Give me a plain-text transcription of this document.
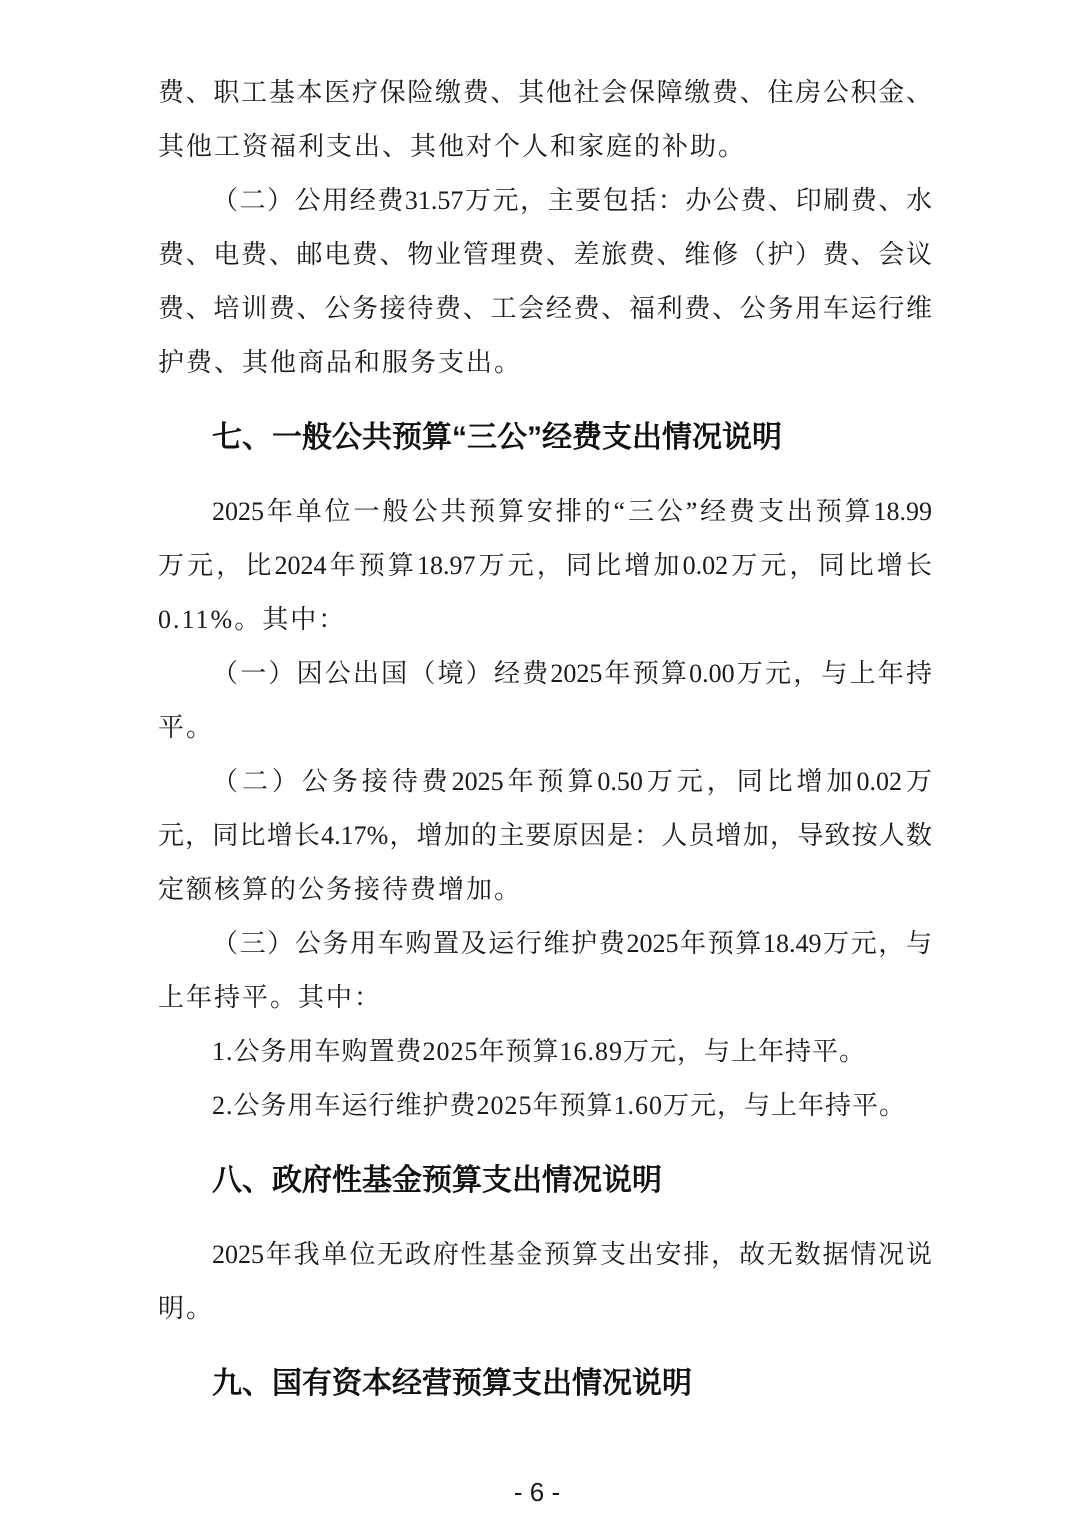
费、职工基本医疗保险缴费、其他社会保障缴费、住房公积金、
其他工资福利支出、其他对个人和家庭的补助。
（二）公用经费31.57万元，主要包括：办公费、印刷费、水
费、电费、邮电费、物业管理费、差旅费、维修（护）费、会议
费、培训费、公务接待费、工会经费、福利费、公务用车运行维
护费、其他商品和服务支出。
七、一般公共预算“三公”经费支出情况说明
2025年单位一般公共预算安排的“三公”经费支出预算18.99
万元，比2024年预算18.97万元，同比增加0.02万元，同比增长
0.11%。其中：
（一）因公出国（境）经费2025年预算0.00万元，与上年持
平。
（二）公务接待费2025年预算0.50万元，同比增加0.02万
元，同比增长4.17%，增加的主要原因是：人员增加，导致按人数
定额核算的公务接待费增加。
（三）公务用车购置及运行维护费2025年预算18.49万元，与
上年持平。其中：
1.公务用车购置费2025年预算16.89万元，与上年持平。
2.公务用车运行维护费2025年预算1.60万元，与上年持平。
八、政府性基金预算支出情况说明
2025年我单位无政府性基金预算支出安排，故无数据情况说
明。
九、国有资本经营预算支出情况说明
- 6 -
